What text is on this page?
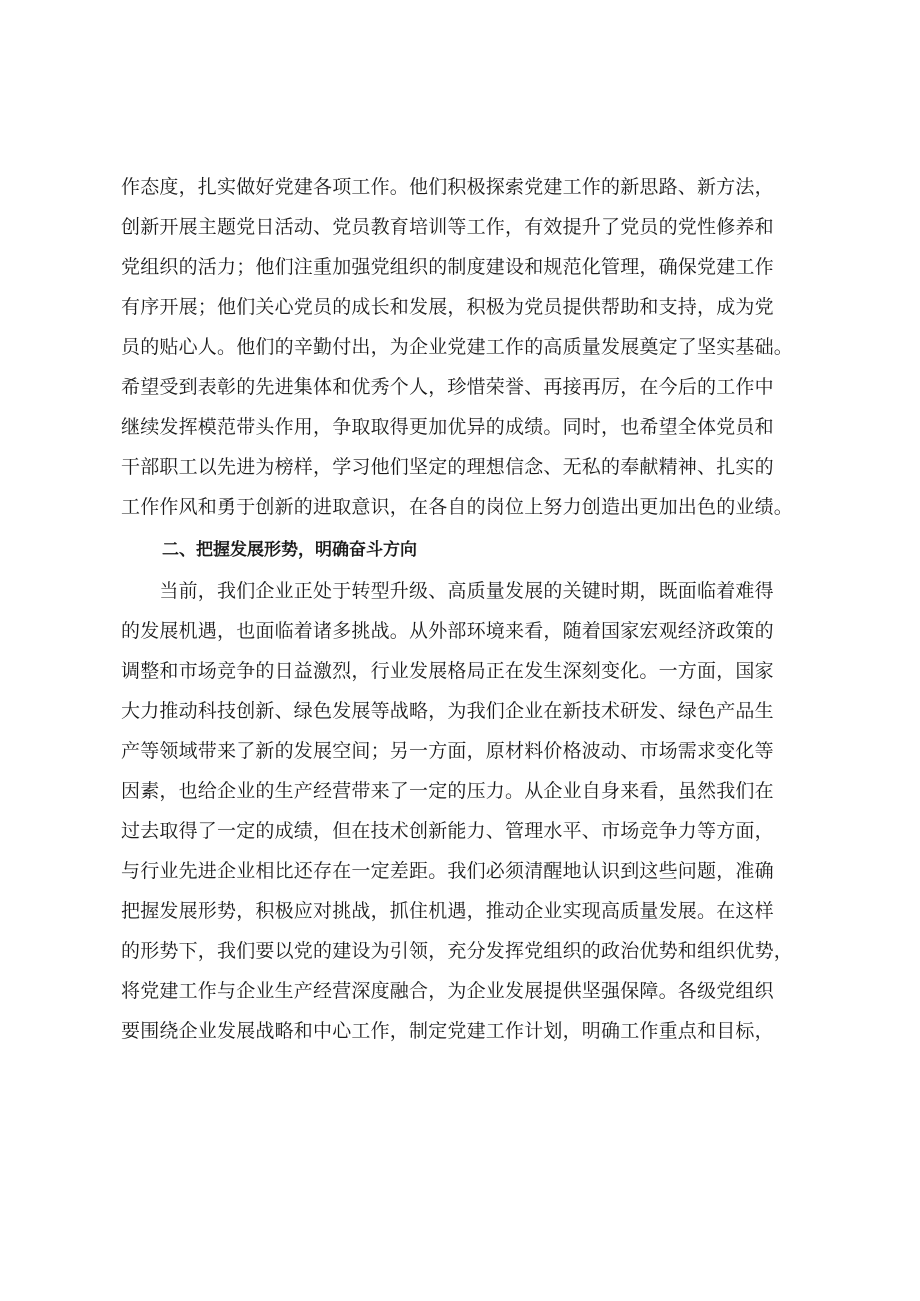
作态度，扎实做好党建各项工作。他们积极探索党建工作的新思路、新方法，
创新开展主题党日活动、党员教育培训等工作，有效提升了党员的党性修养和
党组织的活力；他们注重加强党组织的制度建设和规范化管理，确保党建工作
有序开展；他们关心党员的成长和发展，积极为党员提供帮助和支持，成为党
员的贴心人。他们的辛勤付出，为企业党建工作的高质量发展奠定了坚实基础。
希望受到表彰的先进集体和优秀个人，珍惜荣誉、再接再厉，在今后的工作中
继续发挥模范带头作用，争取取得更加优异的成绩。同时，也希望全体党员和
干部职工以先进为榜样，学习他们坚定的理想信念、无私的奉献精神、扎实的
工作作风和勇于创新的进取意识，在各自的岗位上努力创造出更加出色的业绩。
二、把握发展形势，明确奋斗方向
　　当前，我们企业正处于转型升级、高质量发展的关键时期，既面临着难得
的发展机遇，也面临着诸多挑战。从外部环境来看，随着国家宏观经济政策的
调整和市场竞争的日益激烈，行业发展格局正在发生深刻变化。一方面，国家
大力推动科技创新、绿色发展等战略，为我们企业在新技术研发、绿色产品生
产等领域带来了新的发展空间；另一方面，原材料价格波动、市场需求变化等
因素，也给企业的生产经营带来了一定的压力。从企业自身来看，虽然我们在
过去取得了一定的成绩，但在技术创新能力、管理水平、市场竞争力等方面，
与行业先进企业相比还存在一定差距。我们必须清醒地认识到这些问题，准确
把握发展形势，积极应对挑战，抓住机遇，推动企业实现高质量发展。在这样
的形势下，我们要以党的建设为引领，充分发挥党组织的政治优势和组织优势，
将党建工作与企业生产经营深度融合，为企业发展提供坚强保障。各级党组织
要围绕企业发展战略和中心工作，制定党建工作计划，明确工作重点和目标，
